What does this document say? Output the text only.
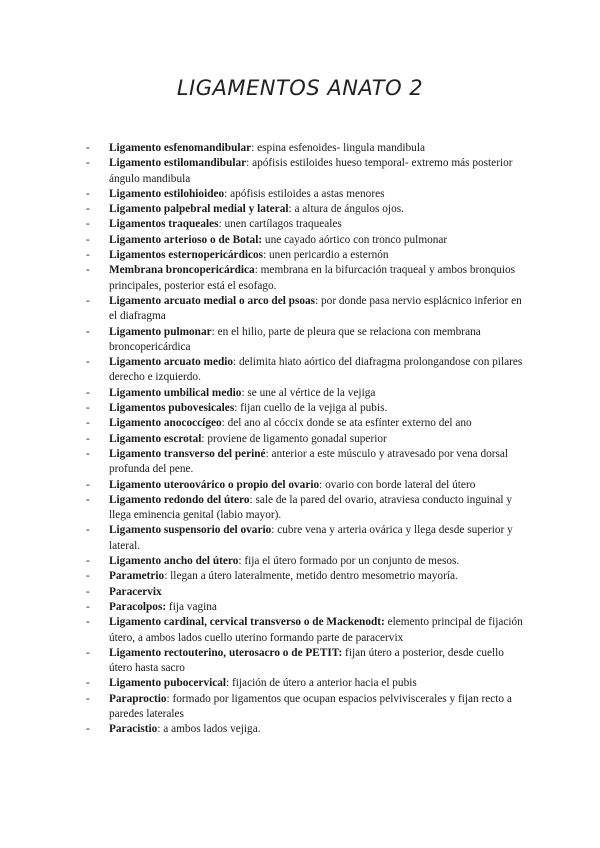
LIGAMENTOS ANATO 2
- Ligamento esfenomandibular: espina esfenoides- lingula mandibula
- Ligamento estilomandibular: apófisis estiloides hueso temporal- extremo más posterior ángulo mandibula
- Ligamento estilohioideo: apófisis estiloides a astas menores
- Ligamento palpebral medial y lateral: a altura de ángulos ojos.
- Ligamentos traqueales: unen cartílagos traqueales
- Ligamento arterioso o de Botal: une cayado aórtico con tronco pulmonar
- Ligamentos esternopericárdicos: unen pericardio a esternón
- Membrana broncopericárdica: membrana en la bifurcación traqueal y ambos bronquios principales, posterior está el esofago.
- Ligamento arcuato medial o arco del psoas: por donde pasa nervio esplácnico inferior en el diafragma
- Ligamento pulmonar: en el hilio, parte de pleura que se relaciona con membrana broncopericárdica
- Ligamento arcuato medio: delimita hiato aórtico del diafragma prolongandose con pilares derecho e izquierdo.
- Ligamento umbilical medio: se une al vértice de la vejiga
- Ligamentos pubovesicales: fijan cuello de la vejiga al pubis.
- Ligamento anococcígeo: del ano al cóccix donde se ata esfínter externo del ano
- Ligamento escrotal: proviene de ligamento gonadal superior
- Ligamento transverso del periné: anterior a este músculo y atravesado por vena dorsal profunda del pene.
- Ligamento uteroovárico o propio del ovario: ovario con borde lateral del útero
- Ligamento redondo del útero: sale de la pared del ovario, atraviesa conducto inguinal y llega eminencia genital (labio mayor).
- Ligamento suspensorio del ovario: cubre vena y arteria ovárica y llega desde superior y lateral.
- Ligamento ancho del útero: fija el útero formado por un conjunto de mesos.
- Parametrio: llegan a útero lateralmente, metido dentro mesometrio mayoría.
- Paracervix
- Paracolpos: fija vagina
- Ligamento cardinal, cervical transverso o de Mackenodt: elemento principal de fijación útero, a ambos lados cuello uterino formando parte de paracervix
- Ligamento rectouterino, uterosacro o de PETIT: fijan útero a posterior, desde cuello útero hasta sacro
- Ligamento pubocervical: fijación de útero a anterior hacia el pubis
- Paraproctio: formado por ligamentos que ocupan espacios pelviviscerales y fijan recto a paredes laterales
- Paracistio: a ambos lados vejiga.
